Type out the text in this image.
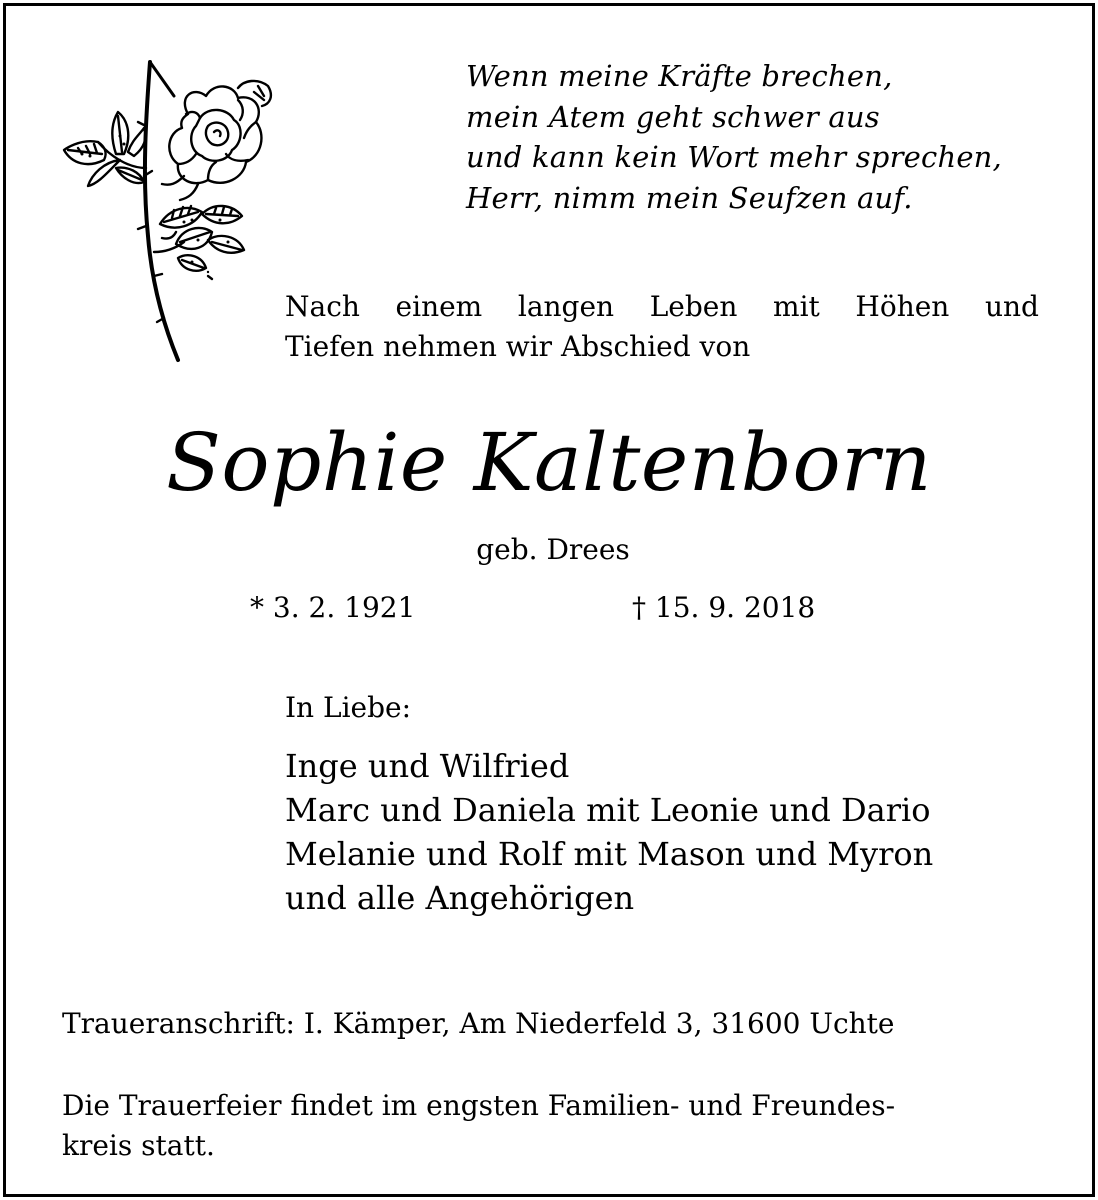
Wenn meine Kräfte brechen,
mein Atem geht schwer aus
und kann kein Wort mehr sprechen,
Herr, nimm mein Seufzen auf.
Nach einem langen Leben mit Höhen und
Tiefen nehmen wir Abschied von
Sophie Kaltenborn
geb. Drees
* 3. 2. 1921	† 15. 9. 2018
In Liebe:
Inge und Wilfried
Marc und Daniela mit Leonie und Dario
Melanie und Rolf mit Mason und Myron
und alle Angehörigen
Traueranschrift: I. Kämper, Am Niederfeld 3, 31600 Uchte
Die Trauerfeier findet im engsten Familien- und Freundes-
kreis statt.
